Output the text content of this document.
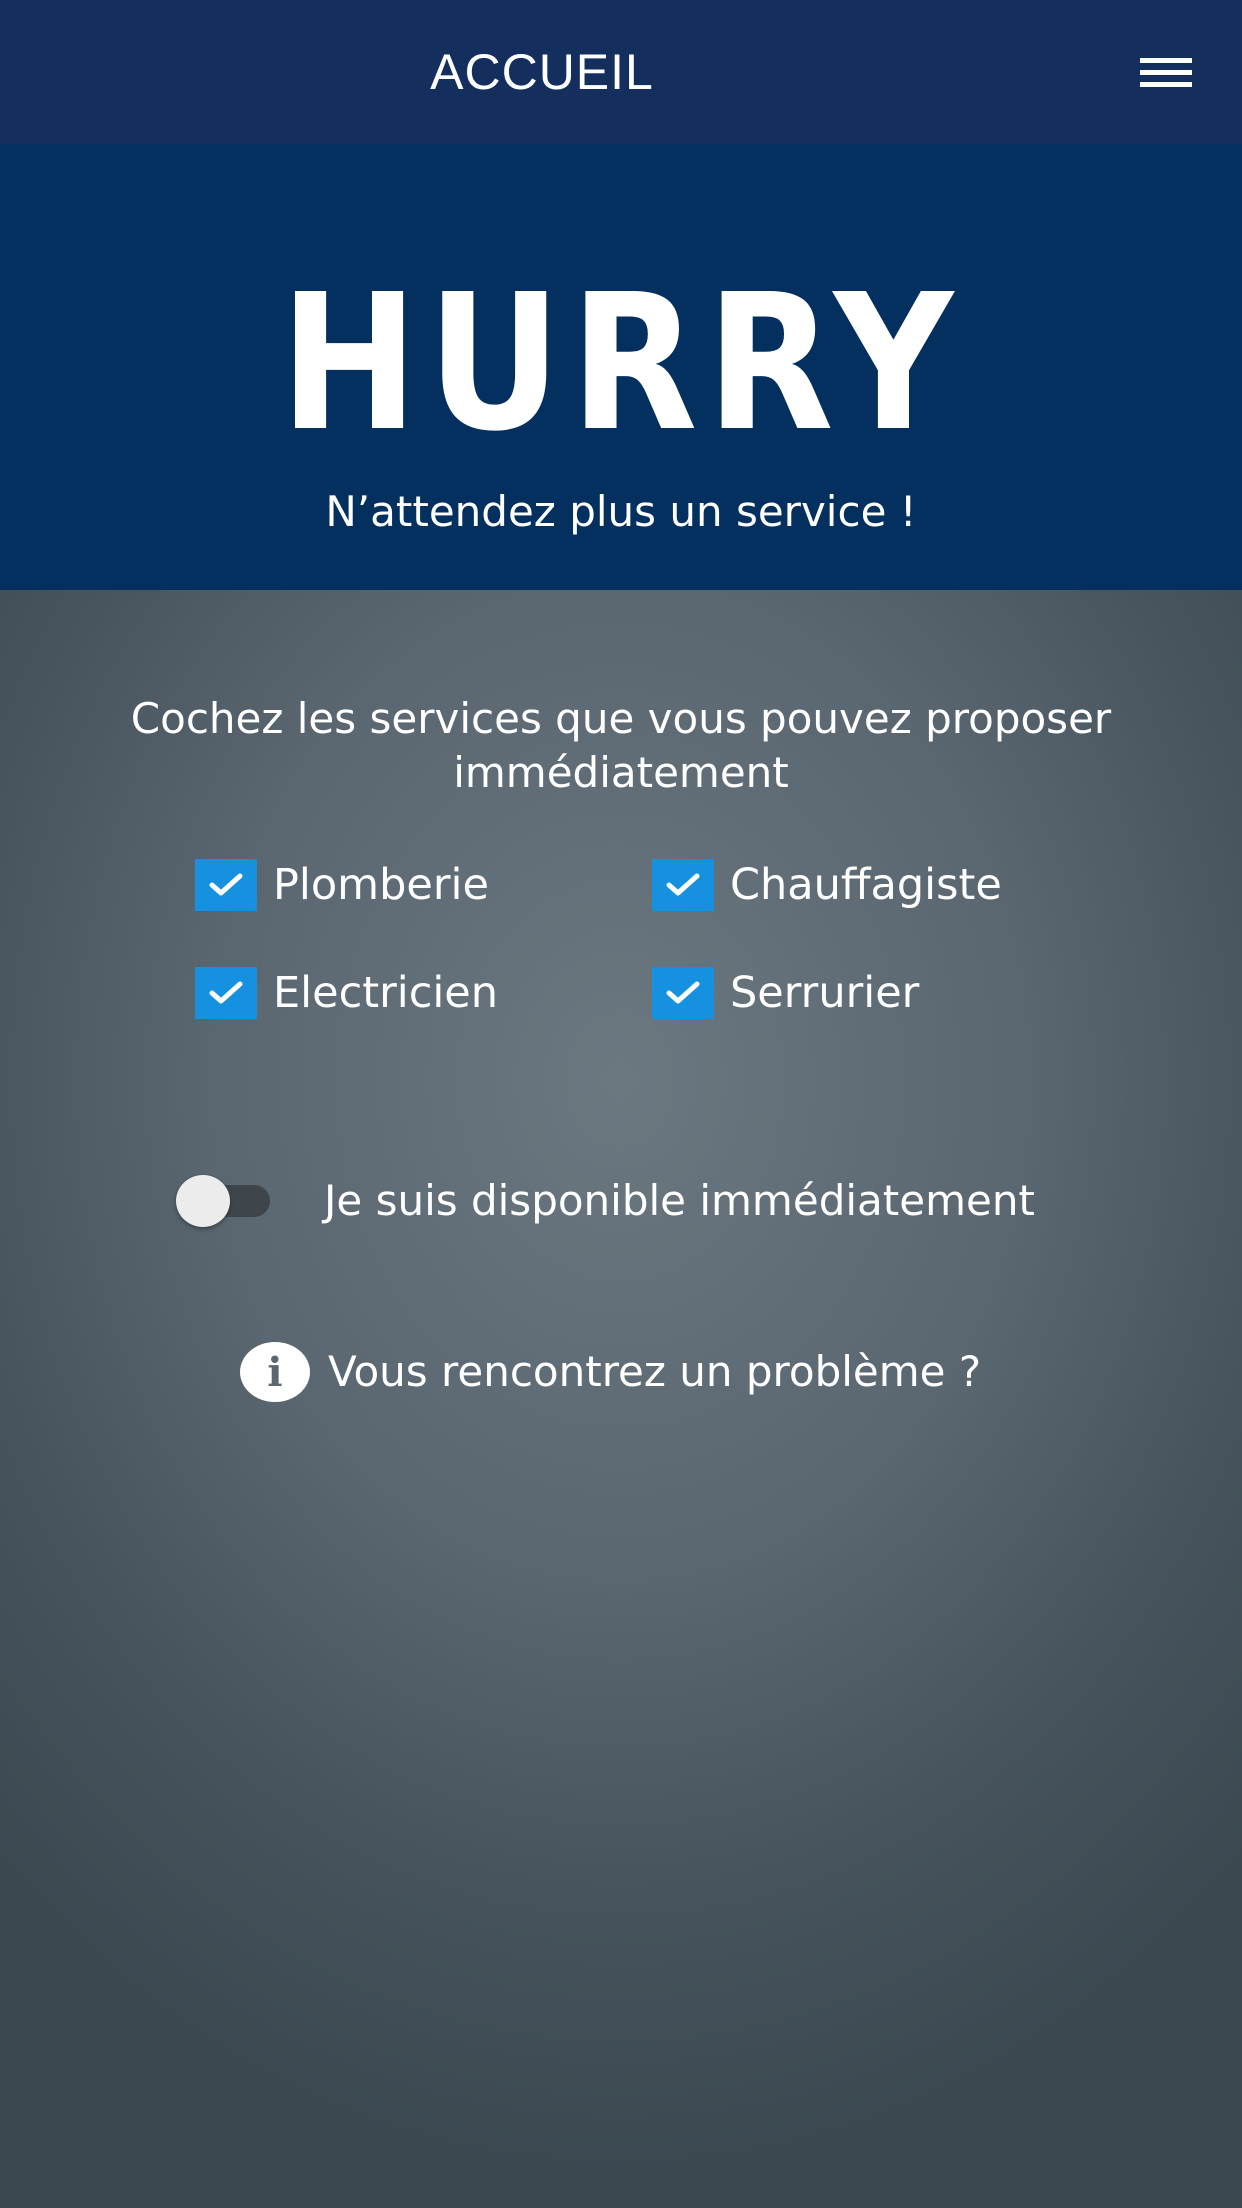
ACCUEIL
HURRY
N’attendez plus un service !
Cochez les services que vous pouvez proposer immédiatement
Plomberie	Chauffagiste
Electricien	Serrurier
Je suis disponible immédiatement
i	Vous rencontrez un problème ?
